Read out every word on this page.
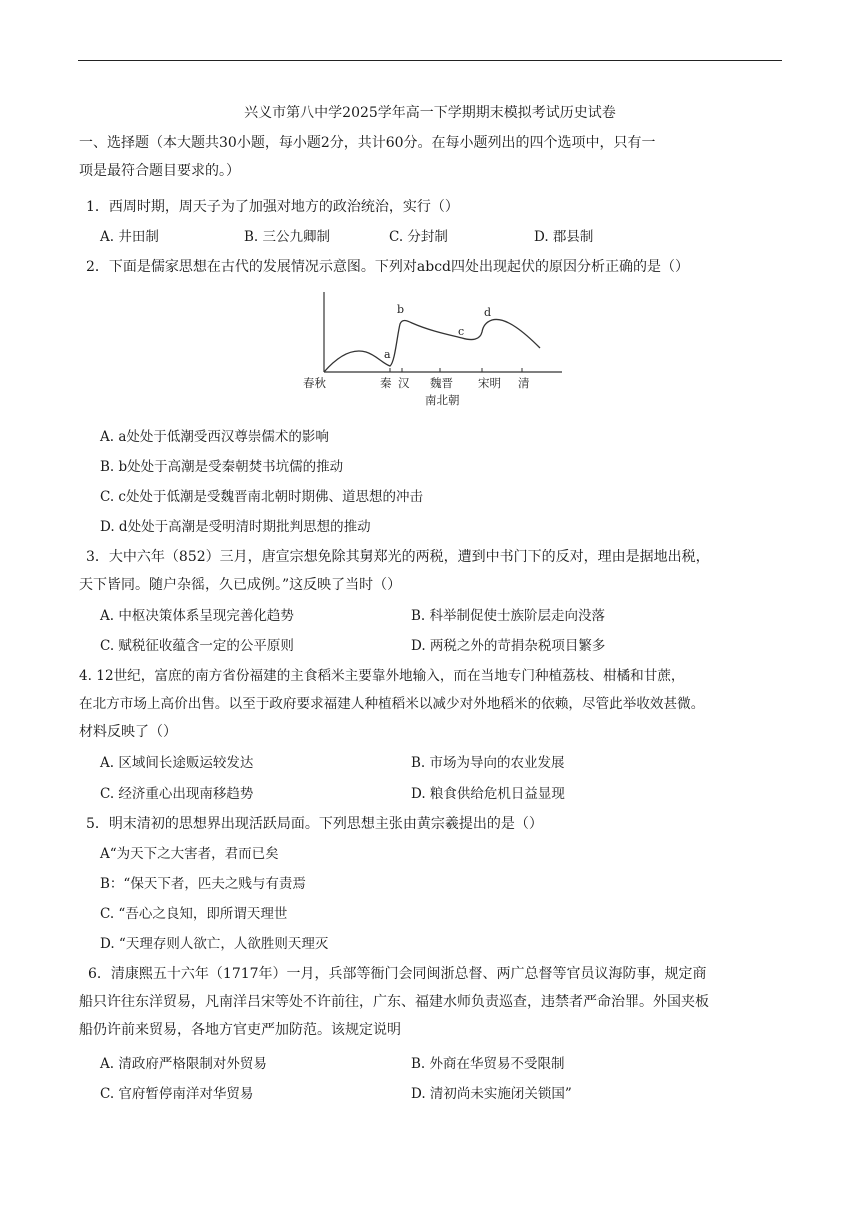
兴义市第八中学2025学年高一下学期期末模拟考试历史试卷
一、选择题（本大题共30小题，每小题2分，共计60分。在每小题列出的四个选项中，只有一
项是最符合题目要求的。）
1．西周时期，周天子为了加强对地方的政治统治，实行（）
A. 井田制	B. 三公九卿制	C. 分封制	D. 郡县制
2．下面是儒家思想在古代的发展情况示意图。下列对abcd四处出现起伏的原因分析正确的是（）
a
b
c
d
春秋	秦 汉 魏晋 宋明 清
南北朝
A. a处处于低潮受西汉尊崇儒术的影响
B. b处处于高潮是受秦朝焚书坑儒的推动
C. c处处于低潮是受魏晋南北朝时期佛、道思想的冲击
D. d处处于高潮是受明清时期批判思想的推动
3．大中六年（852）三月，唐宣宗想免除其舅郑光的两税，遭到中书门下的反对，理由是据地出税，
天下皆同。随户杂徭，久已成例。”这反映了当时（）
A. 中枢决策体系呈现完善化趋势	B. 科举制促使士族阶层走向没落
C. 赋税征收蕴含一定的公平原则	D. 两税之外的苛捐杂税项目繁多
4. 12世纪，富庶的南方省份福建的主食稻米主要靠外地输入，而在当地专门种植荔枝、柑橘和甘蔗，
在北方市场上高价出售。以至于政府要求福建人种植稻米以减少对外地稻米的依赖，尽管此举收效甚微。
材料反映了（）
A. 区域间长途贩运较发达	B. 市场为导向的农业发展
C. 经济重心出现南移趋势	D. 粮食供给危机日益显现
5．明末清初的思想界出现活跃局面。下列思想主张由黄宗羲提出的是（）
A“为天下之大害者，君而已矣
B：“保天下者，匹夫之贱与有责焉
C. “吾心之良知，即所谓天理世
D. “天理存则人欲亡，人欲胜则天理灭
6．清康熙五十六年（1717年）一月，兵部等衙门会同闽浙总督、两广总督等官员议海防事，规定商
船只许往东洋贸易，凡南洋吕宋等处不许前往，广东、福建水师负责巡查，违禁者严命治罪。外国夹板
船仍许前来贸易，各地方官吏严加防范。该规定说明
A. 清政府严格限制对外贸易	B. 外商在华贸易不受限制
C. 官府暂停南洋对华贸易	D. 清初尚未实施闭关锁国”
